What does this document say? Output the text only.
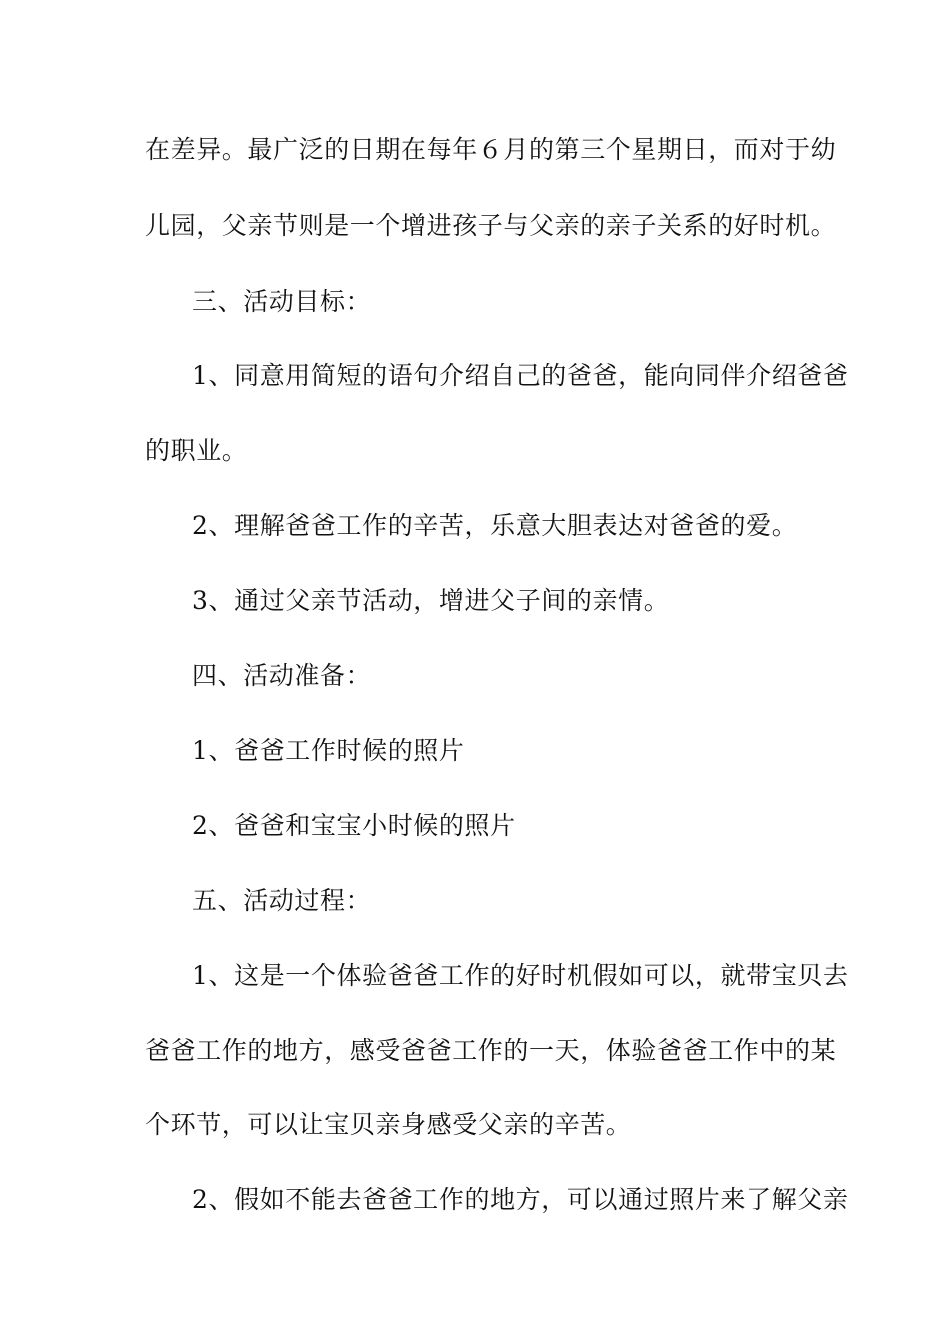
在差异。最广泛的日期在每年６月的第三个星期日，而对于幼
儿园，父亲节则是一个增进孩子与父亲的亲子关系的好时机。
三、活动目标：
1、同意用简短的语句介绍自己的爸爸，能向同伴介绍爸爸
的职业。
2、理解爸爸工作的辛苦，乐意大胆表达对爸爸的爱。
3、通过父亲节活动，增进父子间的亲情。
四、活动准备：
1、爸爸工作时候的照片
2、爸爸和宝宝小时候的照片
五、活动过程：
1、这是一个体验爸爸工作的好时机假如可以，就带宝贝去
爸爸工作的地方，感受爸爸工作的一天，体验爸爸工作中的某
个环节，可以让宝贝亲身感受父亲的辛苦。
2、假如不能去爸爸工作的地方，可以通过照片来了解父亲
